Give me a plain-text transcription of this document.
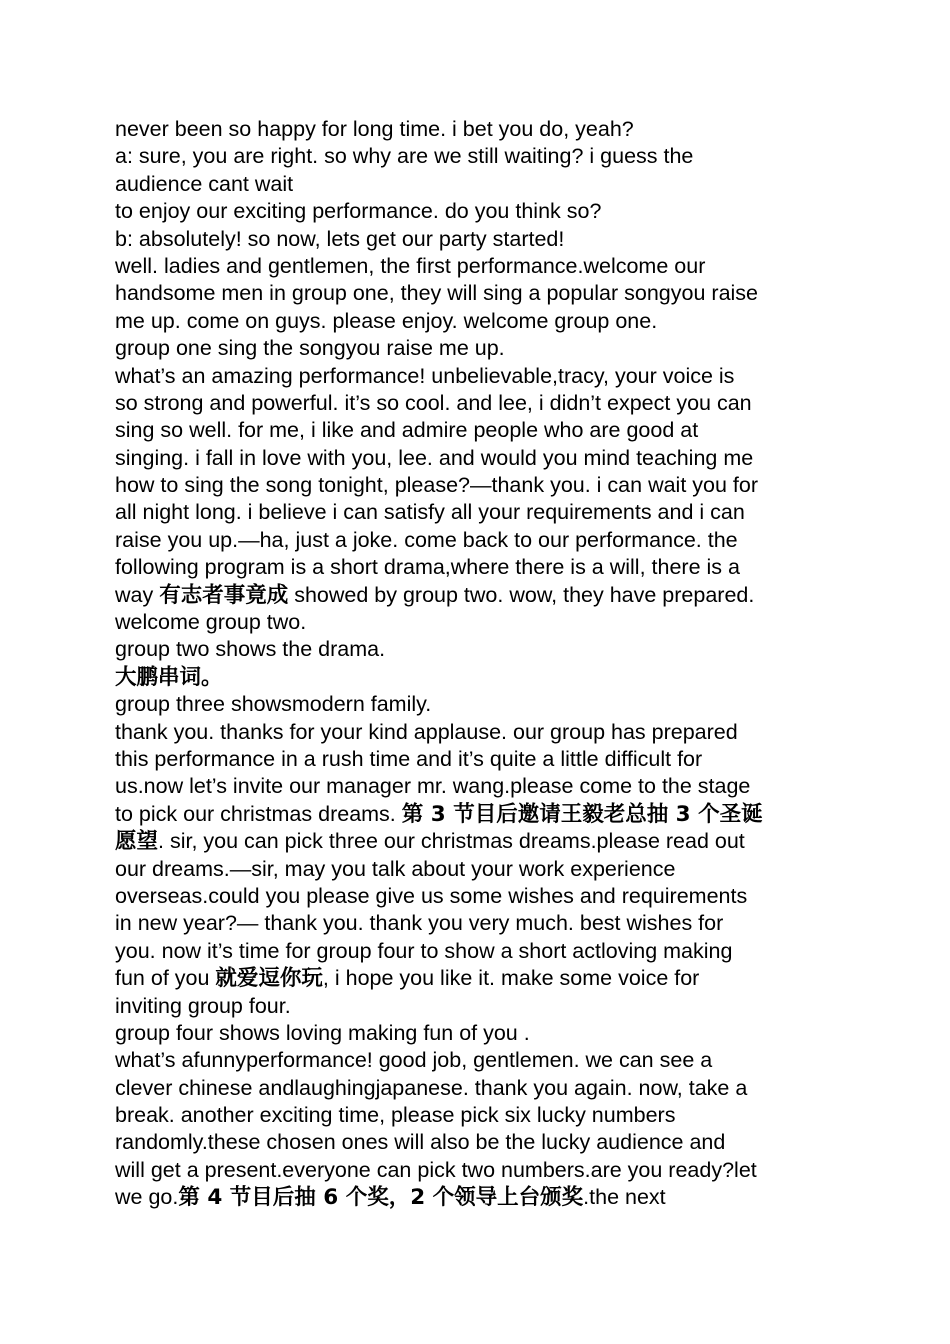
never been so happy for long time. i bet you do, yeah?
a: sure, you are right. so why are we still waiting? i guess the
audience cant wait
to enjoy our exciting performance. do you think so?
b: absolutely! so now, lets get our party started!
well. ladies and gentlemen, the first performance.welcome our
handsome men in group one, they will sing a popular songyou raise
me up. come on guys. please enjoy. welcome group one.
group one sing the songyou raise me up.
what’s an amazing performance! unbelievable,tracy, your voice is
so strong and powerful. it’s so cool. and lee, i didn’t expect you can
sing so well. for me, i like and admire people who are good at
singing. i fall in love with you, lee. and would you mind teaching me
how to sing the song tonight, please?—thank you. i can wait you for
all night long. i believe i can satisfy all your requirements and i can
raise you up.—ha, just a joke. come back to our performance. the
following program is a short drama,where there is a will, there is a
way 有志者事竟成 showed by group two. wow, they have prepared.
welcome group two.
group two shows the drama.
大鹏串词。
group three showsmodern family.
thank you. thanks for your kind applause. our group has prepared
this performance in a rush time and it’s quite a little difficult for
us.now let’s invite our manager mr. wang.please come to the stage
to pick our christmas dreams. 第 3 节目后邀请王毅老总抽 3 个圣诞
愿望. sir, you can pick three our christmas dreams.please read out
our dreams.—sir, may you talk about your work experience
overseas.could you please give us some wishes and requirements
in new year?— thank you. thank you very much. best wishes for
you. now it’s time for group four to show a short actloving making
fun of you 就爱逗你玩, i hope you like it. make some voice for
inviting group four.
group four shows loving making fun of you .
what’s afunnyperformance! good job, gentlemen. we can see a
clever chinese andlaughingjapanese. thank you again. now, take a
break. another exciting time, please pick six lucky numbers
randomly.these chosen ones will also be the lucky audience and
will get a present.everyone can pick two numbers.are you ready?let
we go.第 4 节目后抽 6 个奖，2 个领导上台颁奖.the next
